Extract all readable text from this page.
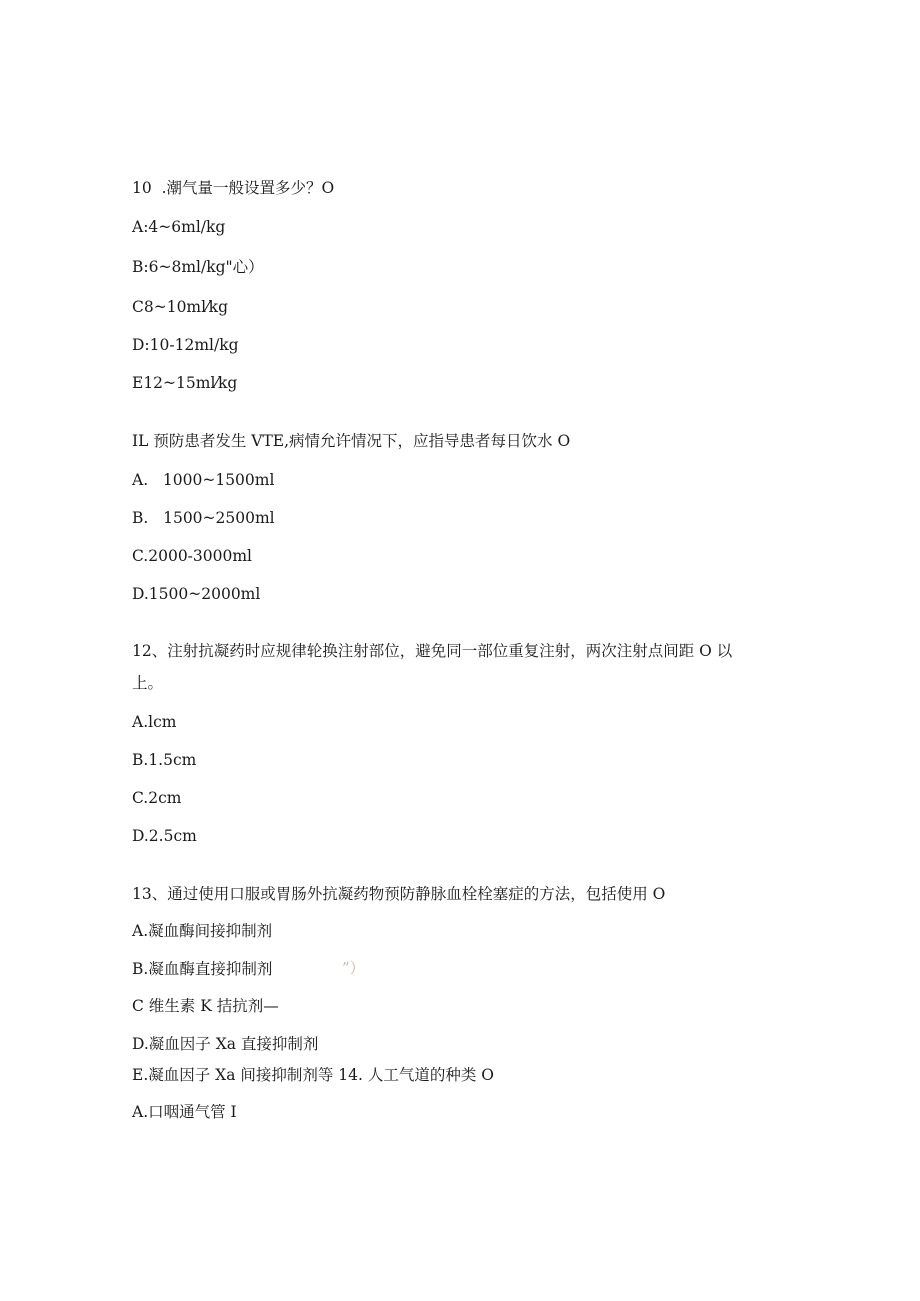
10  .潮气量一般设置多少？O
A:4~6ml/kg
B:6~8ml/kg"心）
C8~10ml⁄kg
D:10-12ml/kg
E12~15ml⁄kg
IL 预防患者发生 VTE,病情允许情况下，应指导患者每日饮水 O
A.   1000~1500ml
B.   1500~2500ml
C.2000-3000ml
D.1500~2000ml
12、注射抗凝药时应规律轮换注射部位，避免同一部位重复注射，两次注射点间距 O 以
上。
A.lcm
B.1.5cm
C.2cm
D.2.5cm
13、通过使用口服或胃肠外抗凝药物预防静脉血栓栓塞症的方法，包括使用 O
A.凝血酶间接抑制剂
B.凝血酶直接抑制剂	”）
C 维生素 K 拮抗剂—
D.凝血因子 Xa 直接抑制剂
E.凝血因子 Xa 间接抑制剂等 14. 人工气道的种类 O
A.口咽通气管 I
